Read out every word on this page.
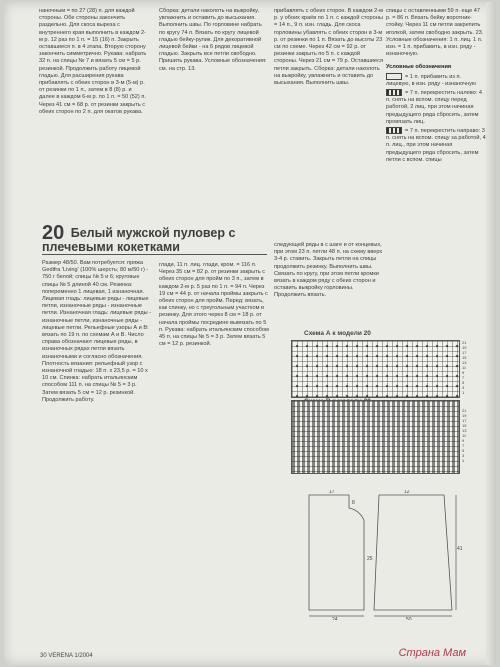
наночным = по 27 (28) п. для каждой стороны. Обе стороны закончить раздельно. Для скоса выреза с внутреннего края выполнить в каждом 2-м р. 12 раз по 1 п. = 15 (16) п. Закрыть оставшиеся п. в 4 этапа. Вторую сторону закончить симметрично. Рукава: набрать 32 п. на спицы № 7 и вязать 5 см = 5 р. резинкой. Продолжить работу лицевой гладью. Для расширения рукава прибавлять с обеих сторон в 3-м (5-м) р. от резинки по 1 п., затем в 8 (8) р. и далее в каждом 6-м р. по 1 п. = 50 (52) п. Через 41 см = 68 р. от резинки закрыть с обеих сторон по 2 п. для окатов рукава.

Сборка: детали наколоть на выкройку, увлажнить и оставить до высыхания. Выполнить швы. По горловине набрать по кругу 74 п. Вязать по кругу лицевой гладью бейку-рулик. Для декоративной лицевой бейки - на 6 рядов лицевой гладью. Закрыть все петли свободно. Пришить рукава. Условные обозначения: см. на стр. 13.

прибавлять с обеих сторон. В каждом 2-м р. у обоих краёв по 1 п. с каждой стороны = 14 п., 9 п. изн. гладь. Для скоса горловины убавлять с обеих сторон в 3-м р. от резинки по 1 п. Вязать до высоты 23 см по схеме. Через 42 см = 92 р. от резинки закрыть по 5 п. с каждой стороны. Через 21 см = 79 р. Оставшиеся петли закрыть. Сборка: детали наколоть на выкройку, увлажнить и оставить до высыхания. Выполнить швы.

спицы с оставленными 59 п. еще 47 р. = 86 п. Вязать бейку воротник-стойку. Через 11 см петли закрепить иголкой, затем свободно закрыть. 23. Условные обозначения: 1 п. лиц. 1 п. изн. = 1 п. прибавить, в изн. ряду - изнаночную.

Условные обозначения

= 1 п. прибавить из п. лицевую, в изн. ряду - изнаночную

= 7 п. перекрестить налево: 4 п. снять на вспом. спицу перед работой, 2 лиц. при этом начиная предыдущего ряда сбросить, затем провязать лиц.

= 7 п. перекрестить направо: 3 п. снять на вспом. спицу за работой, 4 п. лиц., при этом начиная предыдущего ряда сбросить, затем петли с вспом. спицы

20 Белый мужской пуловер с плечевыми кокетками

Размер 48/50. Вам потребуется: пряжа Gedifra 'Living' (100% шерсть; 80 м/50 г) - 750 г белой; спицы № 5 и 6; круговые спицы № 5 длиной 40 см. Резинка: попеременно 1 лицевая, 1 изнаночная. Лицевая гладь: лицевые ряды - лицевые петли, изнаночные ряды - изнаночные петли. Изнаночная гладь: лицевые ряды - изнаночные петли, изнаночные ряды - лицевые петли. Рельефные узоры А и В: вязать по 19 п. по схемам А и В. Число справа обозначают лицевые ряды, в изнаночных рядах петли вязать изнаночными и согласно обозначения. Плотность вязания: рельефный узор с изнаночной гладью: 18 п. x 23,5 р. = 10 x 10 см. Спинка: набрать итальянским способом 111 п. на спицы № 5 = 3 р. Затем вязать 5 см = 12 р. резинкой. Продолжить работу.

глади, 11 п. лиц. глади, кром. = 116 п. Через 35 см = 82 р. от резинки закрыть с обеих сторон для пройм по 3 п., затем в каждом 2-м р. 5 раз по 1 п. = 94 п. Через 19 см = 44 р. от начала проймы закрыть с обеих сторон для пройм. Перед: вязать, как спинку, но с треугольным участком в резинку. Для этого через 8 см = 18 р. от начала проймы посредине вывязать по 5 п. Рукава: набрать итальянским способом 45 п. на спицы № 5 = 3 р. Затем вязать 5 см = 12 р. резинкой.

следующей ряды в с шаге и от концевых, при этом 23 п. петли 48 п. на схему вверх 3-4 р. ставить. Закрыть петли на спицы продолжить резинку. Выполнить швы. Связать по кругу, при этом петли кромки вязать в каждом ряду с обеих сторон и оставить выкройку горловины. Продолжить вязать.

Схема А к модели 20
21
19
17
15
13
11
9
7
5
3
1
21
19
17
15
13
11
9
7
5
3
1
17	12
24	50
41
8
25
30 VERENA 1/2004	Страна Мам
